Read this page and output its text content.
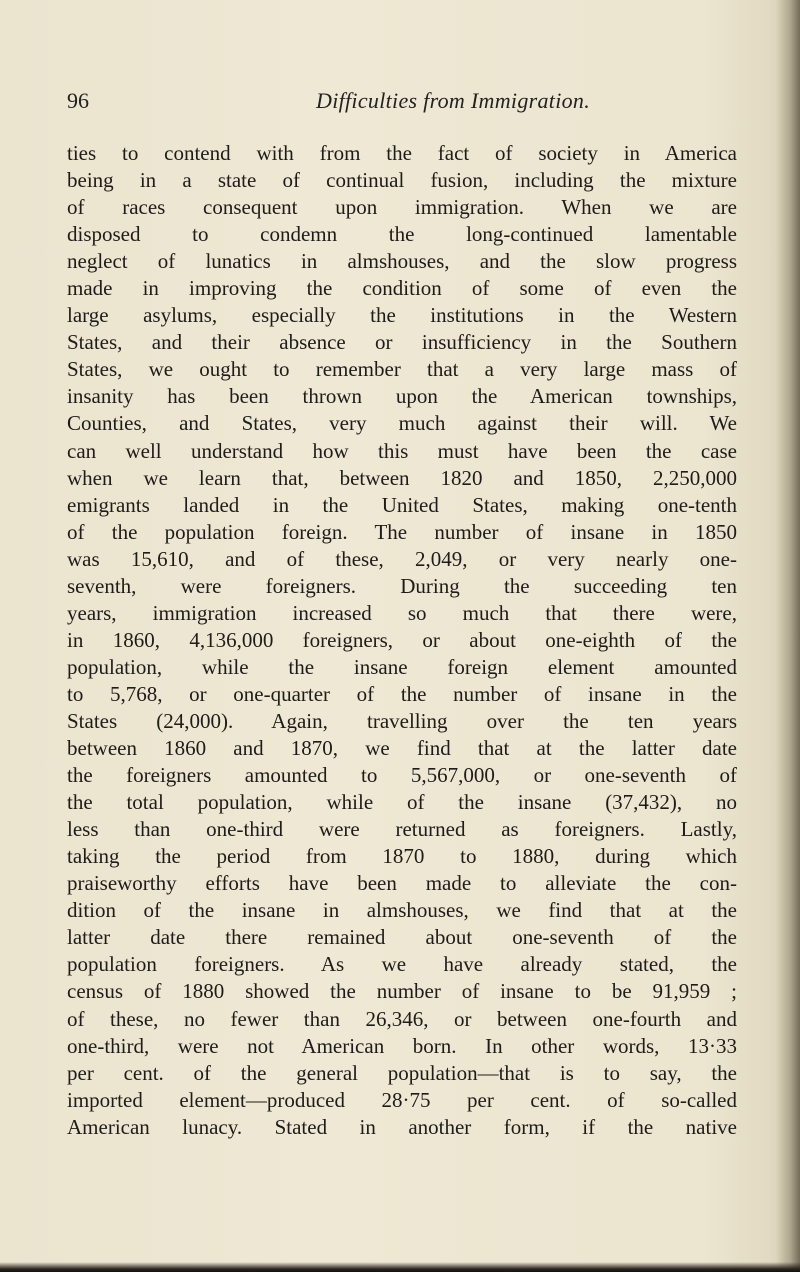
96	Difficulties from Immigration.
ties to contend with from the fact of society in America
being in a state of continual fusion, including the mixture
of races consequent upon immigration. When we are
disposed to condemn the long-continued lamentable
neglect of lunatics in almshouses, and the slow progress
made in improving the condition of some of even the
large asylums, especially the institutions in the Western
States, and their absence or insufficiency in the Southern
States, we ought to remember that a very large mass of
insanity has been thrown upon the American townships,
Counties, and States, very much against their will. We
can well understand how this must have been the case
when we learn that, between 1820 and 1850, 2,250,000
emigrants landed in the United States, making one-tenth
of the population foreign. The number of insane in 1850
was 15,610, and of these, 2,049, or very nearly one-
seventh, were foreigners. During the succeeding ten
years, immigration increased so much that there were,
in 1860, 4,136,000 foreigners, or about one-eighth of the
population, while the insane foreign element amounted
to 5,768, or one-quarter of the number of insane in the
States (24,000). Again, travelling over the ten years
between 1860 and 1870, we find that at the latter date
the foreigners amounted to 5,567,000, or one-seventh of
the total population, while of the insane (37,432), no
less than one-third were returned as foreigners. Lastly,
taking the period from 1870 to 1880, during which
praiseworthy efforts have been made to alleviate the con-
dition of the insane in almshouses, we find that at the
latter date there remained about one-seventh of the
population foreigners. As we have already stated, the
census of 1880 showed the number of insane to be 91,959 ;
of these, no fewer than 26,346, or between one-fourth and
one-third, were not American born. In other words, 13·33
per cent. of the general population—that is to say, the
imported element—produced 28·75 per cent. of so-called
American lunacy. Stated in another form, if the native
